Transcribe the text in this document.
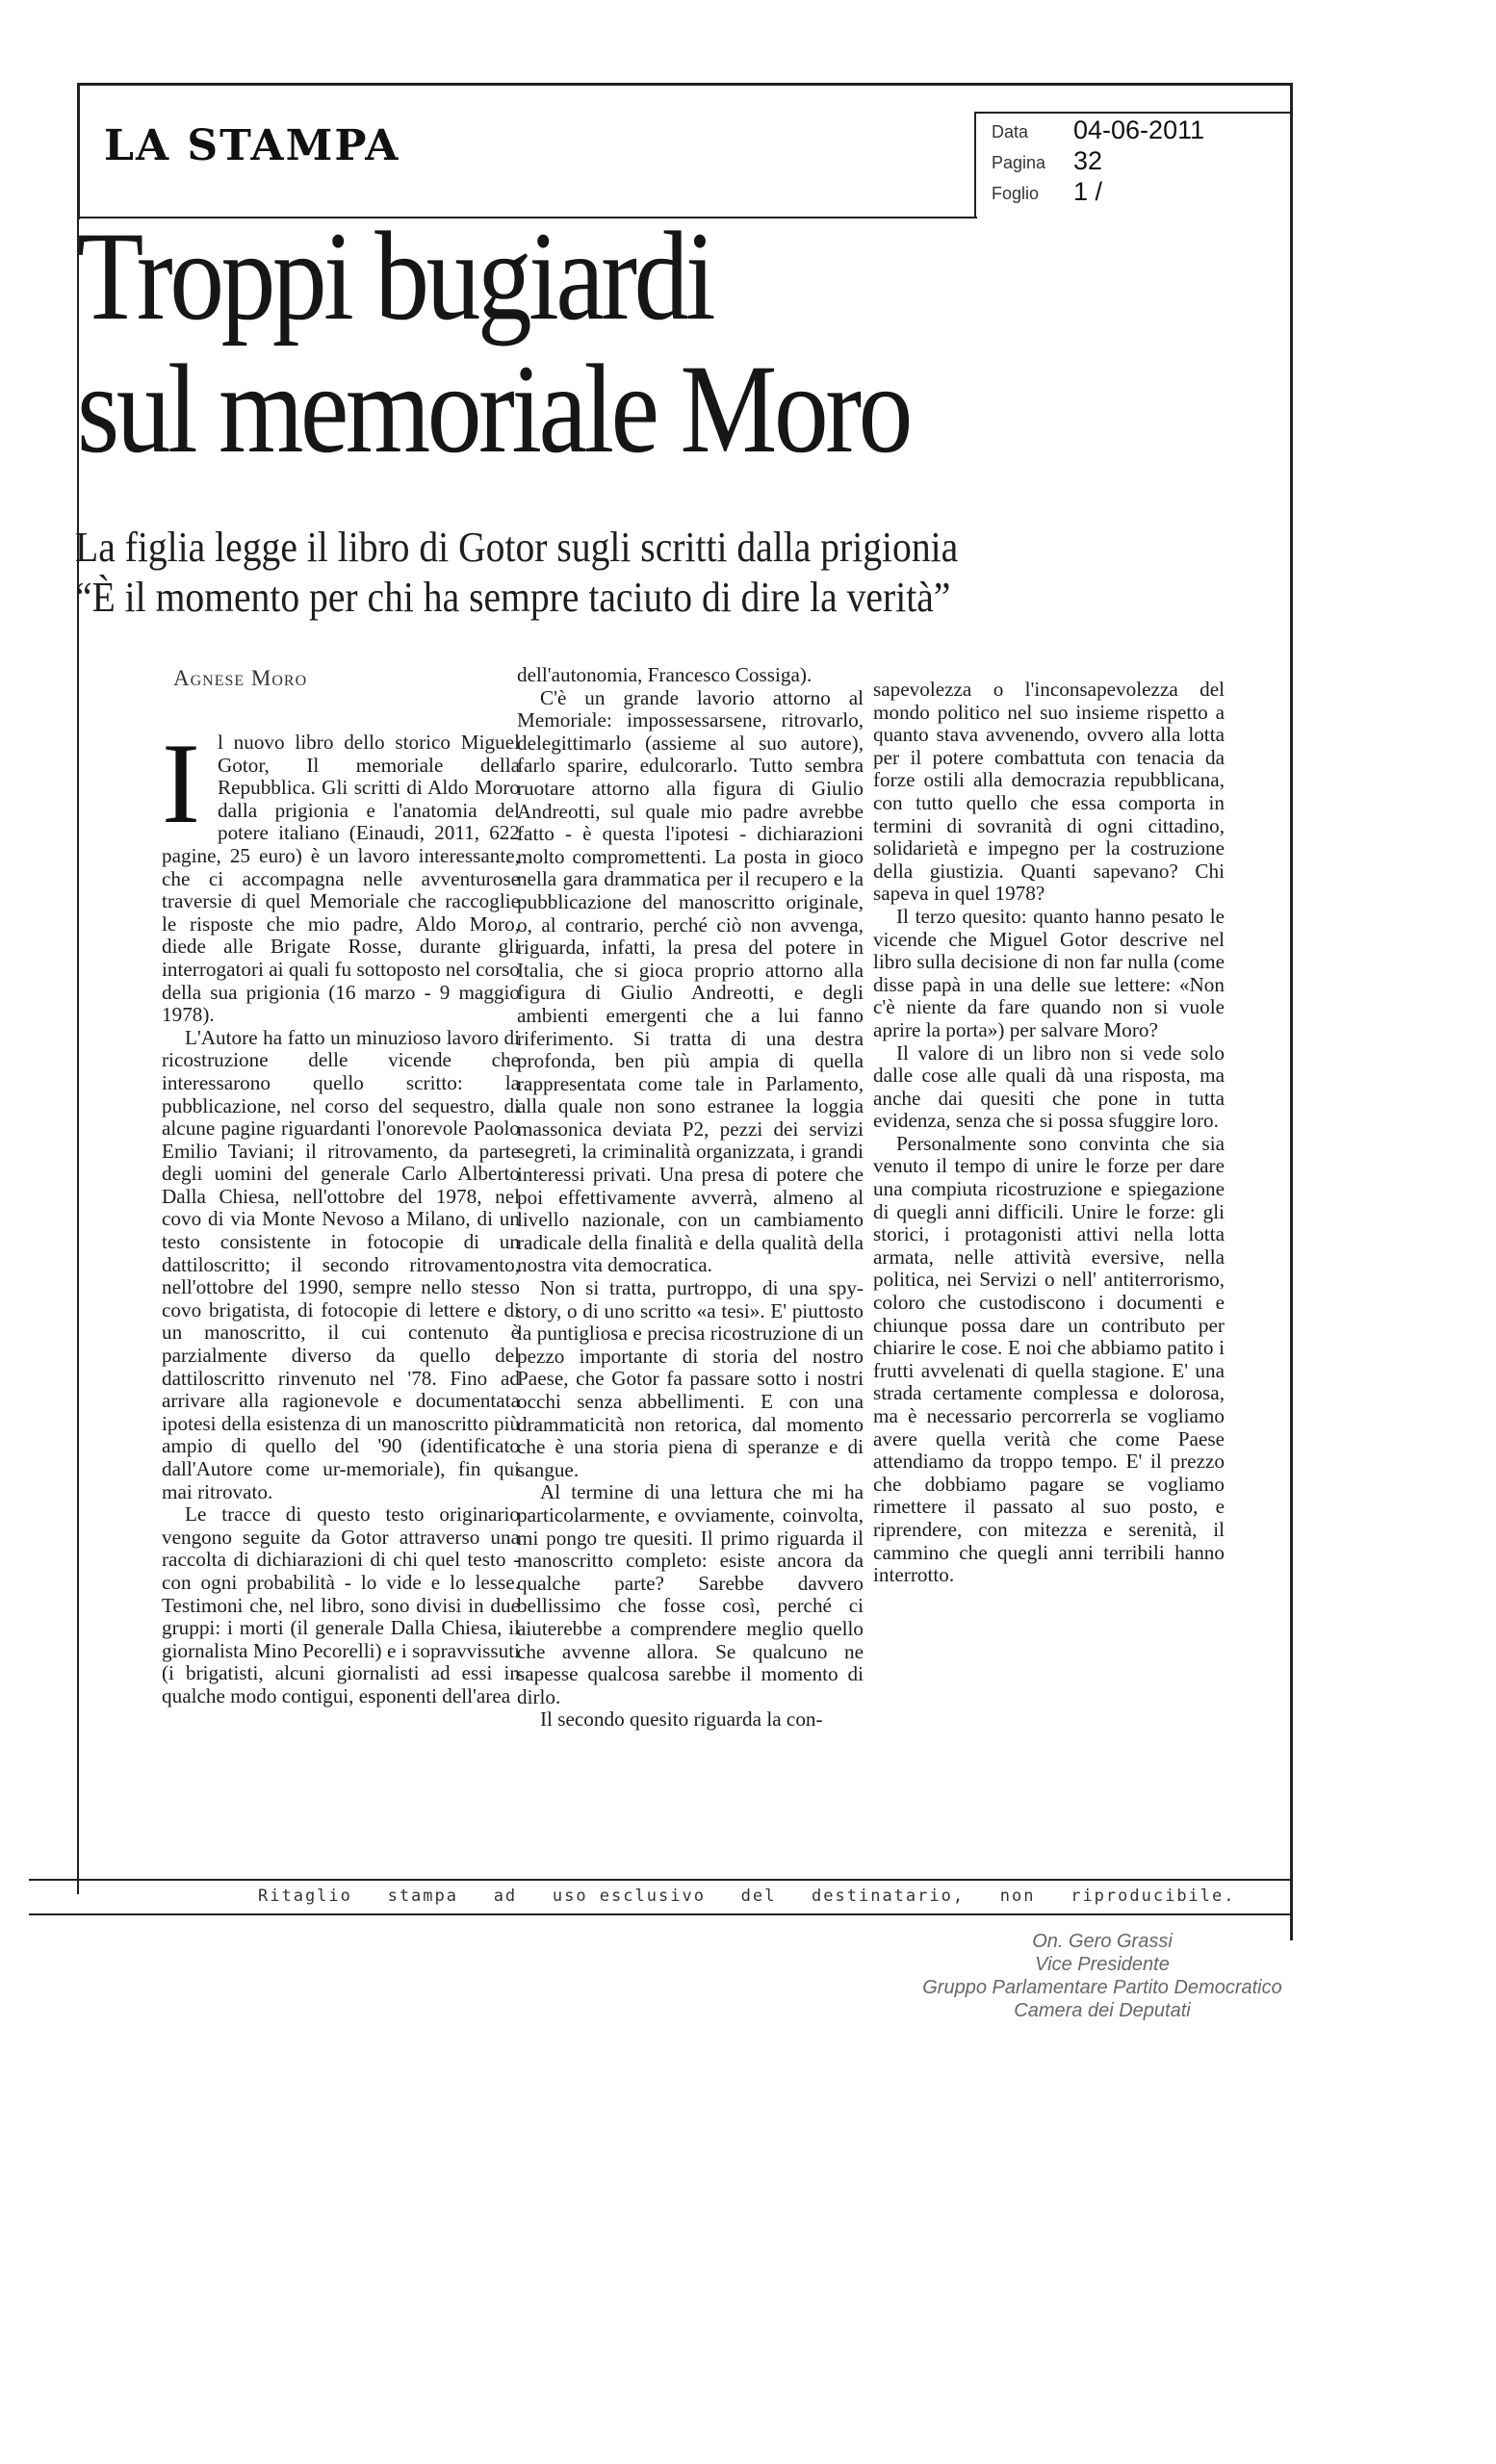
LA STAMPA	Data 04-06-2011
Pagina 32
Foglio 1 /
Troppi bugiardi
sul memoriale Moro
La figlia legge il libro di Gotor sugli scritti dalla prigionia
“È il momento per chi ha sempre taciuto di dire la verità”
Agnese Moro
I l nuovo libro dello storico Miguel Gotor, Il memoriale della Repubblica. Gli scritti di Aldo Moro dalla prigionia e l'anatomia del potere italiano (Einaudi, 2011, 622 pagine, 25 euro) è un lavoro interessante, che ci accompagna nelle avventurose traversie di quel Memoriale che raccoglie le risposte che mio padre, Aldo Moro, diede alle Brigate Rosse, durante gli interrogatori ai quali fu sottoposto nel corso della sua prigionia (16 marzo - 9 maggio 1978).

L'Autore ha fatto un minuzioso lavoro di ricostruzione delle vicende che interessarono quello scritto: la pubblicazione, nel corso del sequestro, di alcune pagine riguardanti l'onorevole Paolo Emilio Taviani; il ritrovamento, da parte degli uomini del generale Carlo Alberto Dalla Chiesa, nell'ottobre del 1978, nel covo di via Monte Nevoso a Milano, di un testo consistente in fotocopie di un dattiloscritto; il secondo ritrovamento, nell'ottobre del 1990, sempre nello stesso covo brigatista, di fotocopie di lettere e di un manoscritto, il cui contenuto è parzialmente diverso da quello del dattiloscritto rinvenuto nel '78. Fino ad arrivare alla ragionevole e documentata ipotesi della esistenza di un manoscritto più ampio di quello del '90 (identificato dall'Autore come ur-memoriale), fin qui mai ritrovato.

Le tracce di questo testo originario vengono seguite da Gotor attraverso una raccolta di dichiarazioni di chi quel testo - con ogni probabilità - lo vide e lo lesse. Testimoni che, nel libro, sono divisi in due gruppi: i morti (il generale Dalla Chiesa, il giornalista Mino Pecorelli) e i sopravvissuti (i brigatisti, alcuni giornalisti ad essi in qualche modo contigui, esponenti dell'area

dell'autonomia, Francesco Cossiga).

C'è un grande lavorio attorno al Memoriale: impossessarsene, ritrovarlo, delegittimarlo (assieme al suo autore), farlo sparire, edulcorarlo. Tutto sembra ruotare attorno alla figura di Giulio Andreotti, sul quale mio padre avrebbe fatto - è questa l'ipotesi - dichiarazioni molto compromettenti. La posta in gioco nella gara drammatica per il recupero e la pubblicazione del manoscritto originale, o, al contrario, perché ciò non avvenga, riguarda, infatti, la presa del potere in Italia, che si gioca proprio attorno alla figura di Giulio Andreotti, e degli ambienti emergenti che a lui fanno riferimento. Si tratta di una destra profonda, ben più ampia di quella rappresentata come tale in Parlamento, alla quale non sono estranee la loggia massonica deviata P2, pezzi dei servizi segreti, la criminalità organizzata, i grandi interessi privati. Una presa di potere che poi effettivamente avverrà, almeno al livello nazionale, con un cambiamento radicale della finalità e della qualità della nostra vita democratica.

Non si tratta, purtroppo, di una spy-story, o di uno scritto «a tesi». E' piuttosto la puntigliosa e precisa ricostruzione di un pezzo importante di storia del nostro Paese, che Gotor fa passare sotto i nostri occhi senza abbellimenti. E con una drammaticità non retorica, dal momento che è una storia piena di speranze e di sangue.

Al termine di una lettura che mi ha particolarmente, e ovviamente, coinvolta, mi pongo tre quesiti. Il primo riguarda il manoscritto completo: esiste ancora da qualche parte? Sarebbe davvero bellissimo che fosse così, perché ci aiuterebbe a comprendere meglio quello che avvenne allora. Se qualcuno ne sapesse qualcosa sarebbe il momento di dirlo.

Il secondo quesito riguarda la con-

sapevolezza o l'inconsapevolezza del mondo politico nel suo insieme rispetto a quanto stava avvenendo, ovvero alla lotta per il potere combattuta con tenacia da forze ostili alla democrazia repubblicana, con tutto quello che essa comporta in termini di sovranità di ogni cittadino, solidarietà e impegno per la costruzione della giustizia. Quanti sapevano? Chi sapeva in quel 1978?

Il terzo quesito: quanto hanno pesato le vicende che Miguel Gotor descrive nel libro sulla decisione di non far nulla (come disse papà in una delle sue lettere: «Non c'è niente da fare quando non si vuole aprire la porta») per salvare Moro?

Il valore di un libro non si vede solo dalle cose alle quali dà una risposta, ma anche dai quesiti che pone in tutta evidenza, senza che si possa sfuggire loro.

Personalmente sono convinta che sia venuto il tempo di unire le forze per dare una compiuta ricostruzione e spiegazione di quegli anni difficili. Unire le forze: gli storici, i protagonisti attivi nella lotta armata, nelle attività eversive, nella politica, nei Servizi o nell' antiterrorismo, coloro che custodiscono i documenti e chiunque possa dare un contributo per chiarire le cose. E noi che abbiamo patito i frutti avvelenati di quella stagione. E' una strada certamente complessa e dolorosa, ma è necessario percorrerla se vogliamo avere quella verità che come Paese attendiamo da troppo tempo. E' il prezzo che dobbiamo pagare se vogliamo rimettere il passato al suo posto, e riprendere, con mitezza e serenità, il cammino che quegli anni terribili hanno interrotto.

Ritaglio   stampa   ad   uso esclusivo   del   destinatario,   non   riproducibile.
On. Gero Grassi
Vice Presidente
Gruppo Parlamentare Partito Democratico
Camera dei Deputati
